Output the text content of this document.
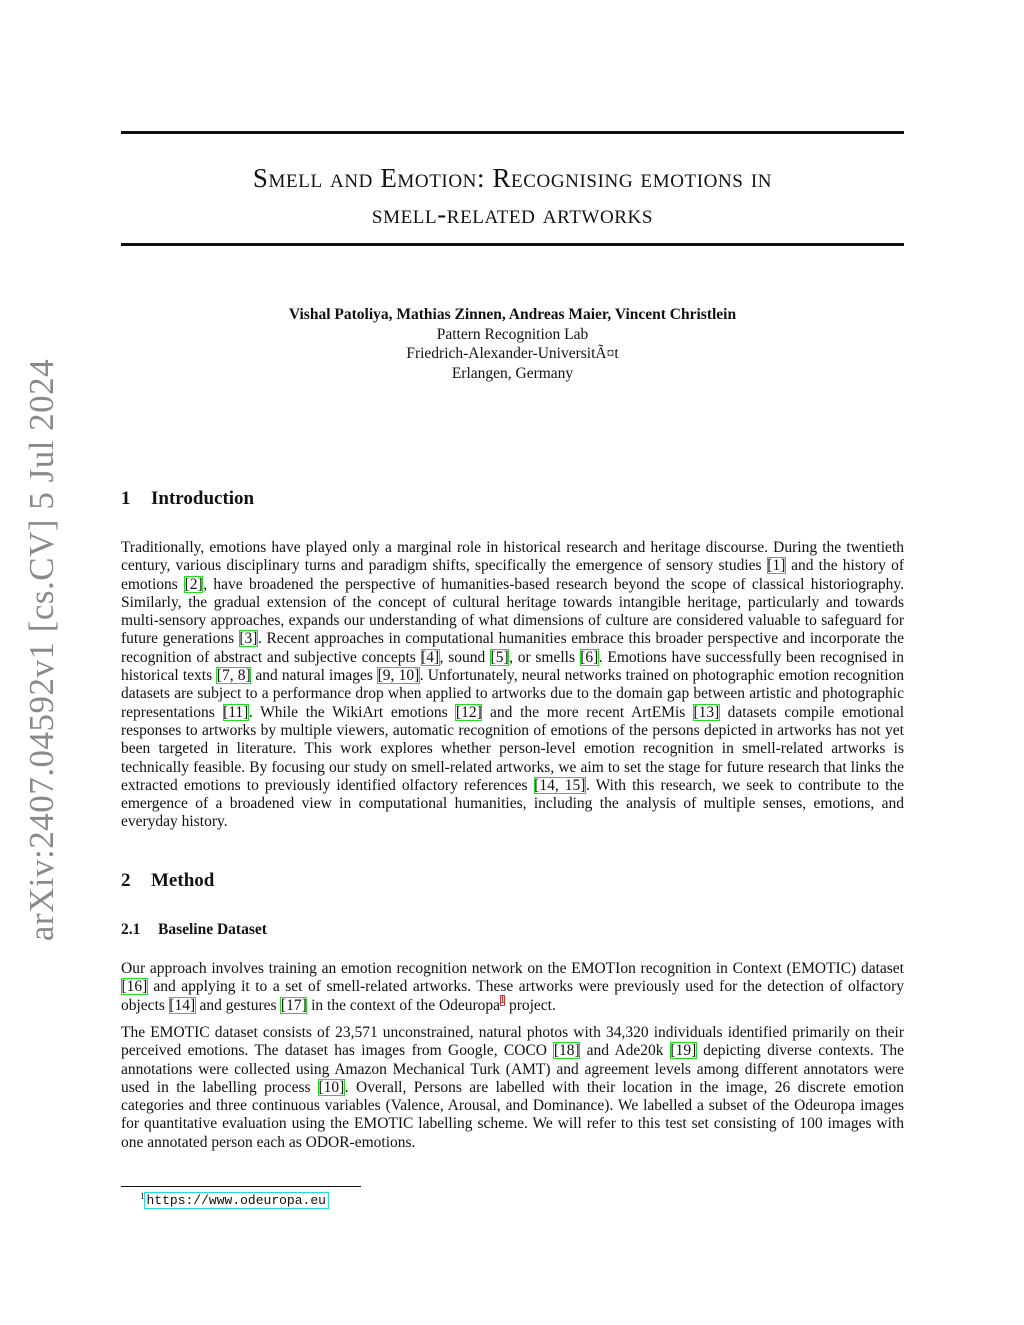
arXiv:2407.04592v1 [cs.CV] 5 Jul 2024
Smell and Emotion: Recognising emotions in
smell-related artworks
Vishal Patoliya, Mathias Zinnen, Andreas Maier, Vincent Christlein
Pattern Recognition Lab
Friedrich-Alexander-UniversitÃ¤t
Erlangen, Germany
1 Introduction

Traditionally, emotions have played only a marginal role in historical research and heritage discourse. During the twentieth century, various disciplinary turns and paradigm shifts, specifically the emergence of sensory studies [1] and the history of emotions [2], have broadened the perspective of humanities-based research beyond the scope of classical historiography. Similarly, the gradual extension of the concept of cultural heritage towards intangible heritage, particularly and towards multi-sensory approaches, expands our understanding of what dimensions of culture are considered valuable to safeguard for future generations [3]. Recent approaches in computational humanities embrace this broader perspective and incorporate the recognition of abstract and subjective concepts [4], sound [5], or smells [6]. Emotions have successfully been recognised in historical texts [7, 8] and natural images [9, 10]. Unfortunately, neural networks trained on photographic emotion recognition datasets are subject to a performance drop when applied to artworks due to the domain gap between artistic and photographic representations [11]. While the WikiArt emotions [12] and the more recent ArtEMis [13] datasets compile emotional responses to artworks by multiple viewers, automatic recognition of emotions of the persons depicted in artworks has not yet been targeted in literature. This work explores whether person-level emotion recognition in smell-related artworks is technically feasible. By focusing our study on smell-related artworks, we aim to set the stage for future research that links the extracted emotions to previously identified olfactory references [14, 15]. With this research, we seek to contribute to the emergence of a broadened view in computational humanities, including the analysis of multiple senses, emotions, and everyday history.

2 Method
2.1 Baseline Dataset

Our approach involves training an emotion recognition network on the EMOTIon recognition in Context (EMOTIC) dataset [16] and applying it to a set of smell-related artworks. These artworks were previously used for the detection of olfactory objects [14] and gestures [17] in the context of the Odeuropa$^1$ project.

The EMOTIC dataset consists of 23,571 unconstrained, natural photos with 34,320 individuals identified primarily on their perceived emotions. The dataset has images from Google, COCO [18] and Ade20k [19] depicting diverse contexts. The annotations were collected using Amazon Mechanical Turk (AMT) and agreement levels among different annotators were used in the labelling process [10]. Overall, Persons are labelled with their location in the image, 26 discrete emotion categories and three continuous variables (Valence, Arousal, and Dominance). We labelled a subset of the Odeuropa images for quantitative evaluation using the EMOTIC labelling scheme. We will refer to this test set consisting of 100 images with one annotated person each as ODOR-emotions.

$^1$ https://www.odeuropa.eu
